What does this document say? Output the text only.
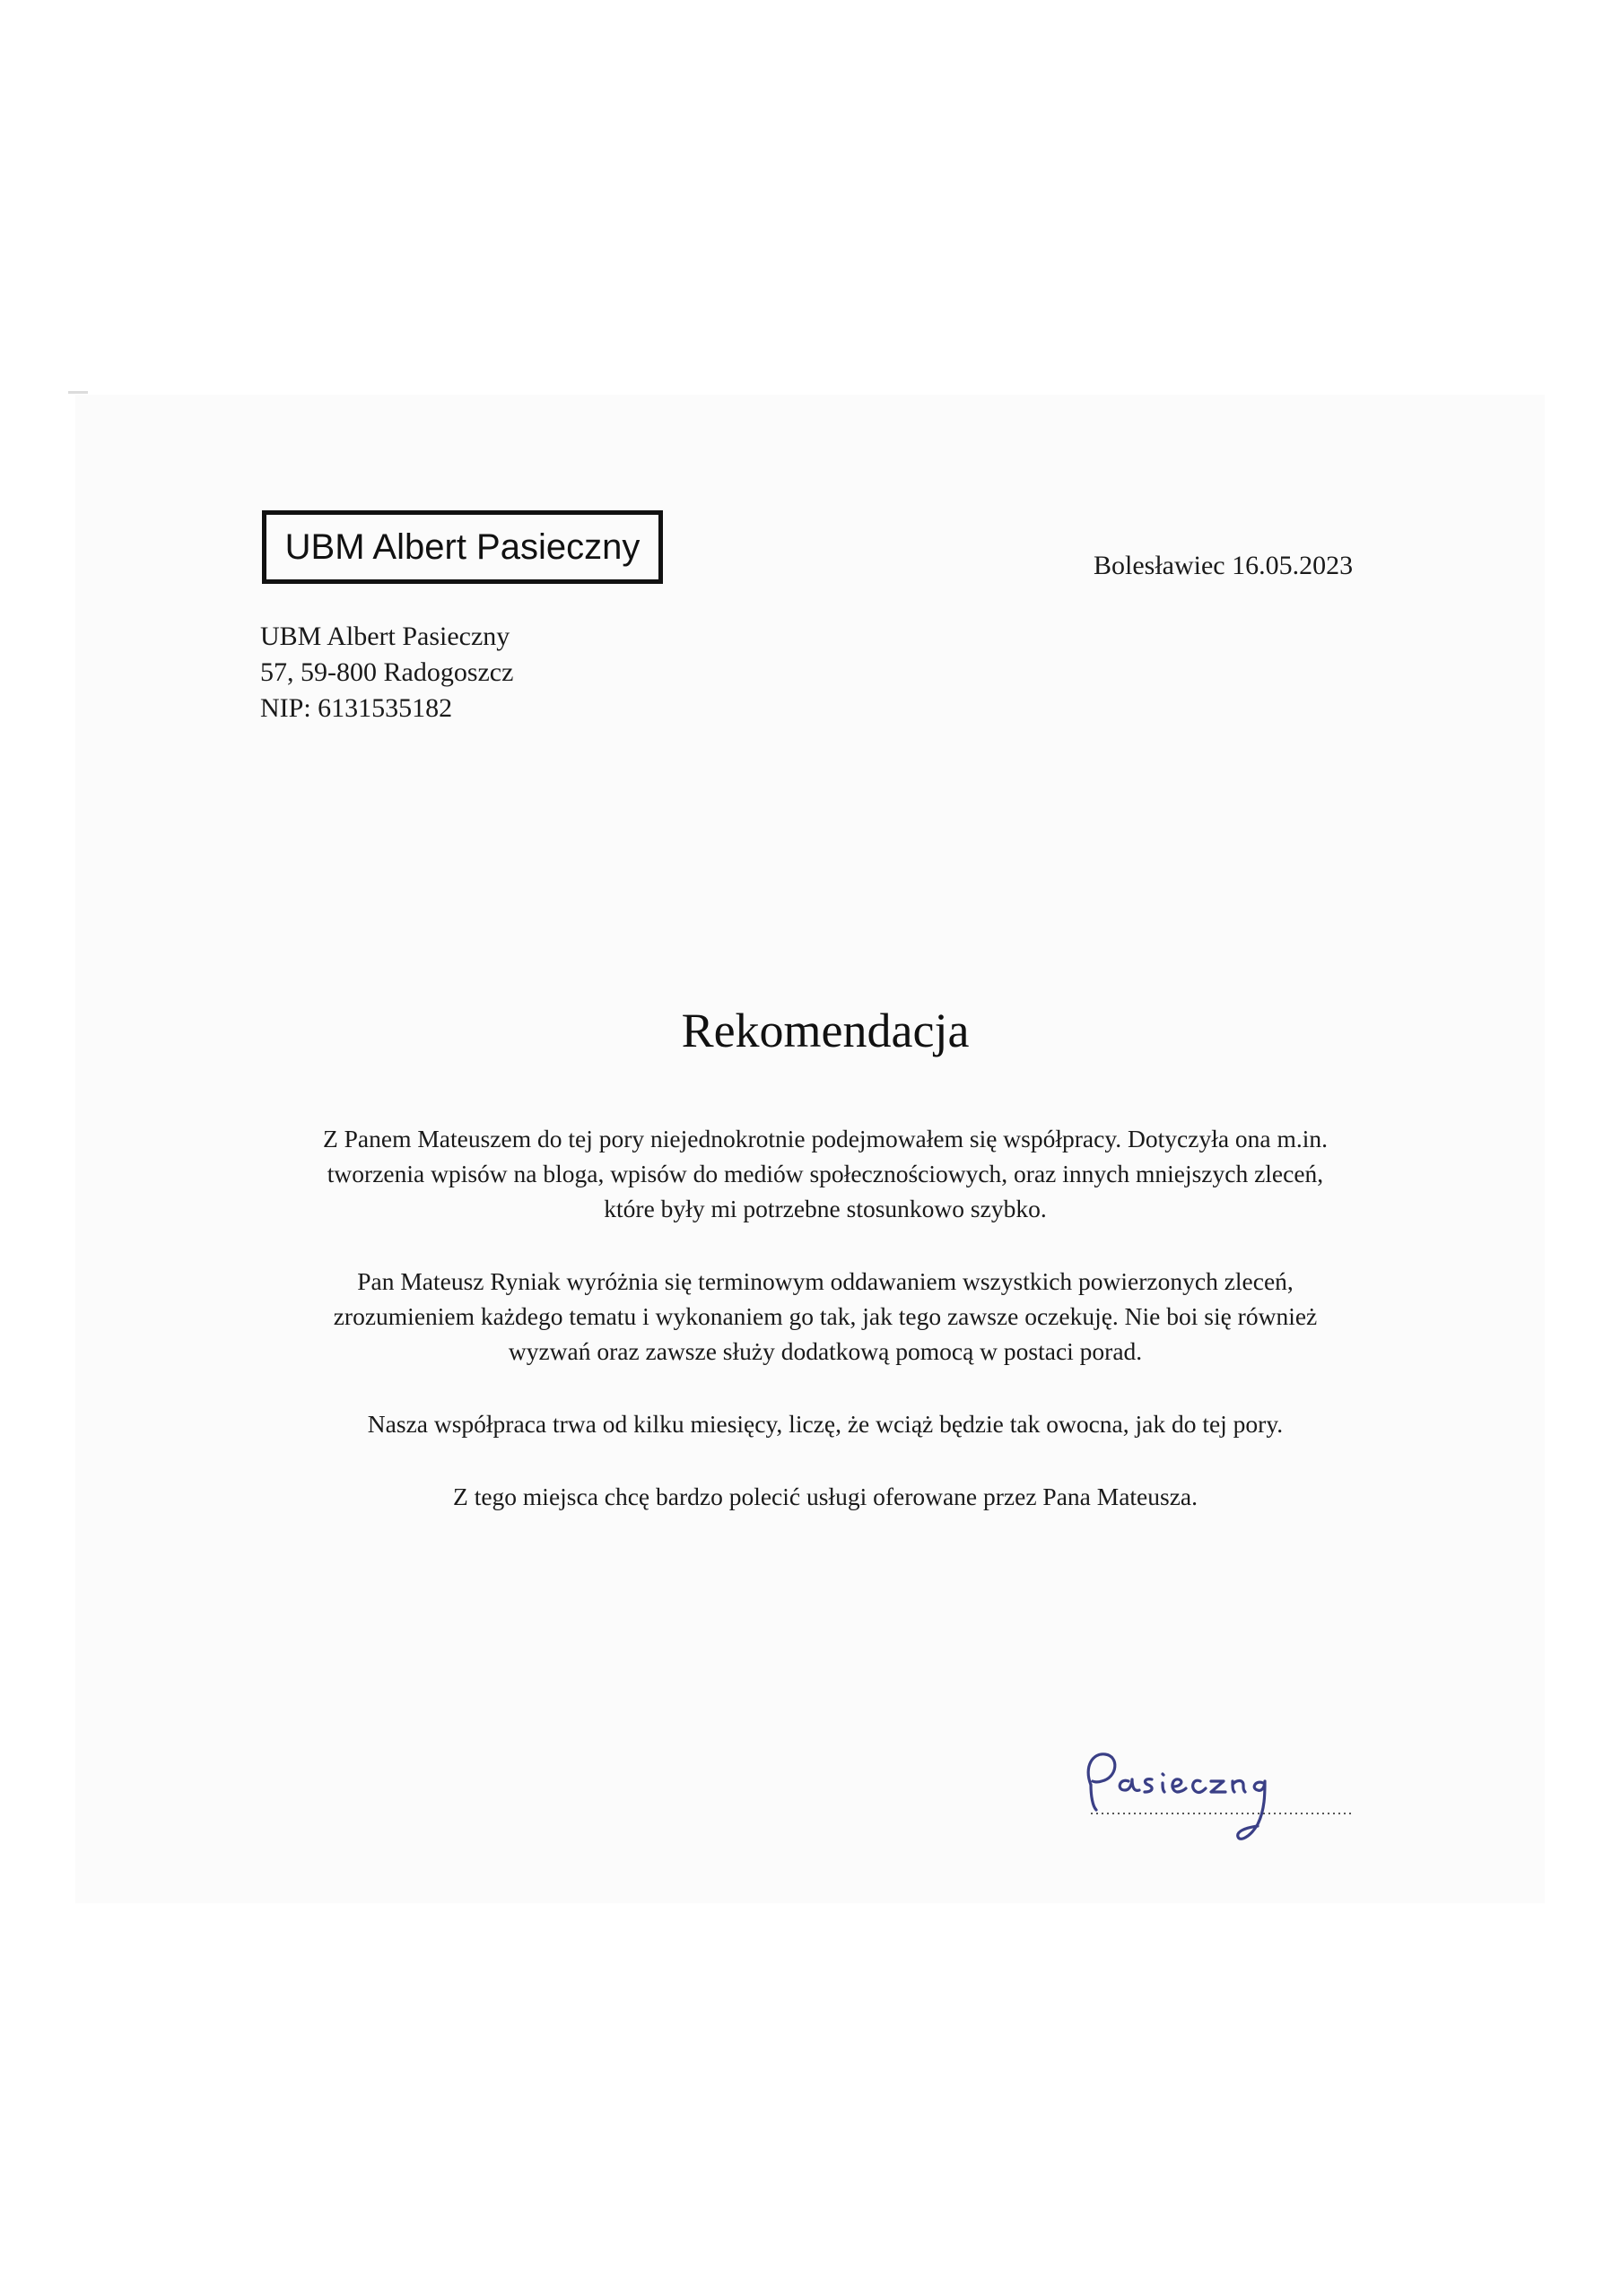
UBM Albert Pasieczny	Bolesławiec 16.05.2023
UBM Albert Pasieczny
57, 59-800 Radogoszcz
NIP: 6131535182
Rekomendacja
Z Panem Mateuszem do tej pory niejednokrotnie podejmowałem się współpracy. Dotyczyła ona m.in.
tworzenia wpisów na bloga, wpisów do mediów społecznościowych, oraz innych mniejszych zleceń,
które były mi potrzebne stosunkowo szybko.
Pan Mateusz Ryniak wyróżnia się terminowym oddawaniem wszystkich powierzonych zleceń,
zrozumieniem każdego tematu i wykonaniem go tak, jak tego zawsze oczekuję. Nie boi się również
wyzwań oraz zawsze służy dodatkową pomocą w postaci porad.
Nasza współpraca trwa od kilku miesięcy, liczę, że wciąż będzie tak owocna, jak do tej pory.
Z tego miejsca chcę bardzo polecić usługi oferowane przez Pana Mateusza.
